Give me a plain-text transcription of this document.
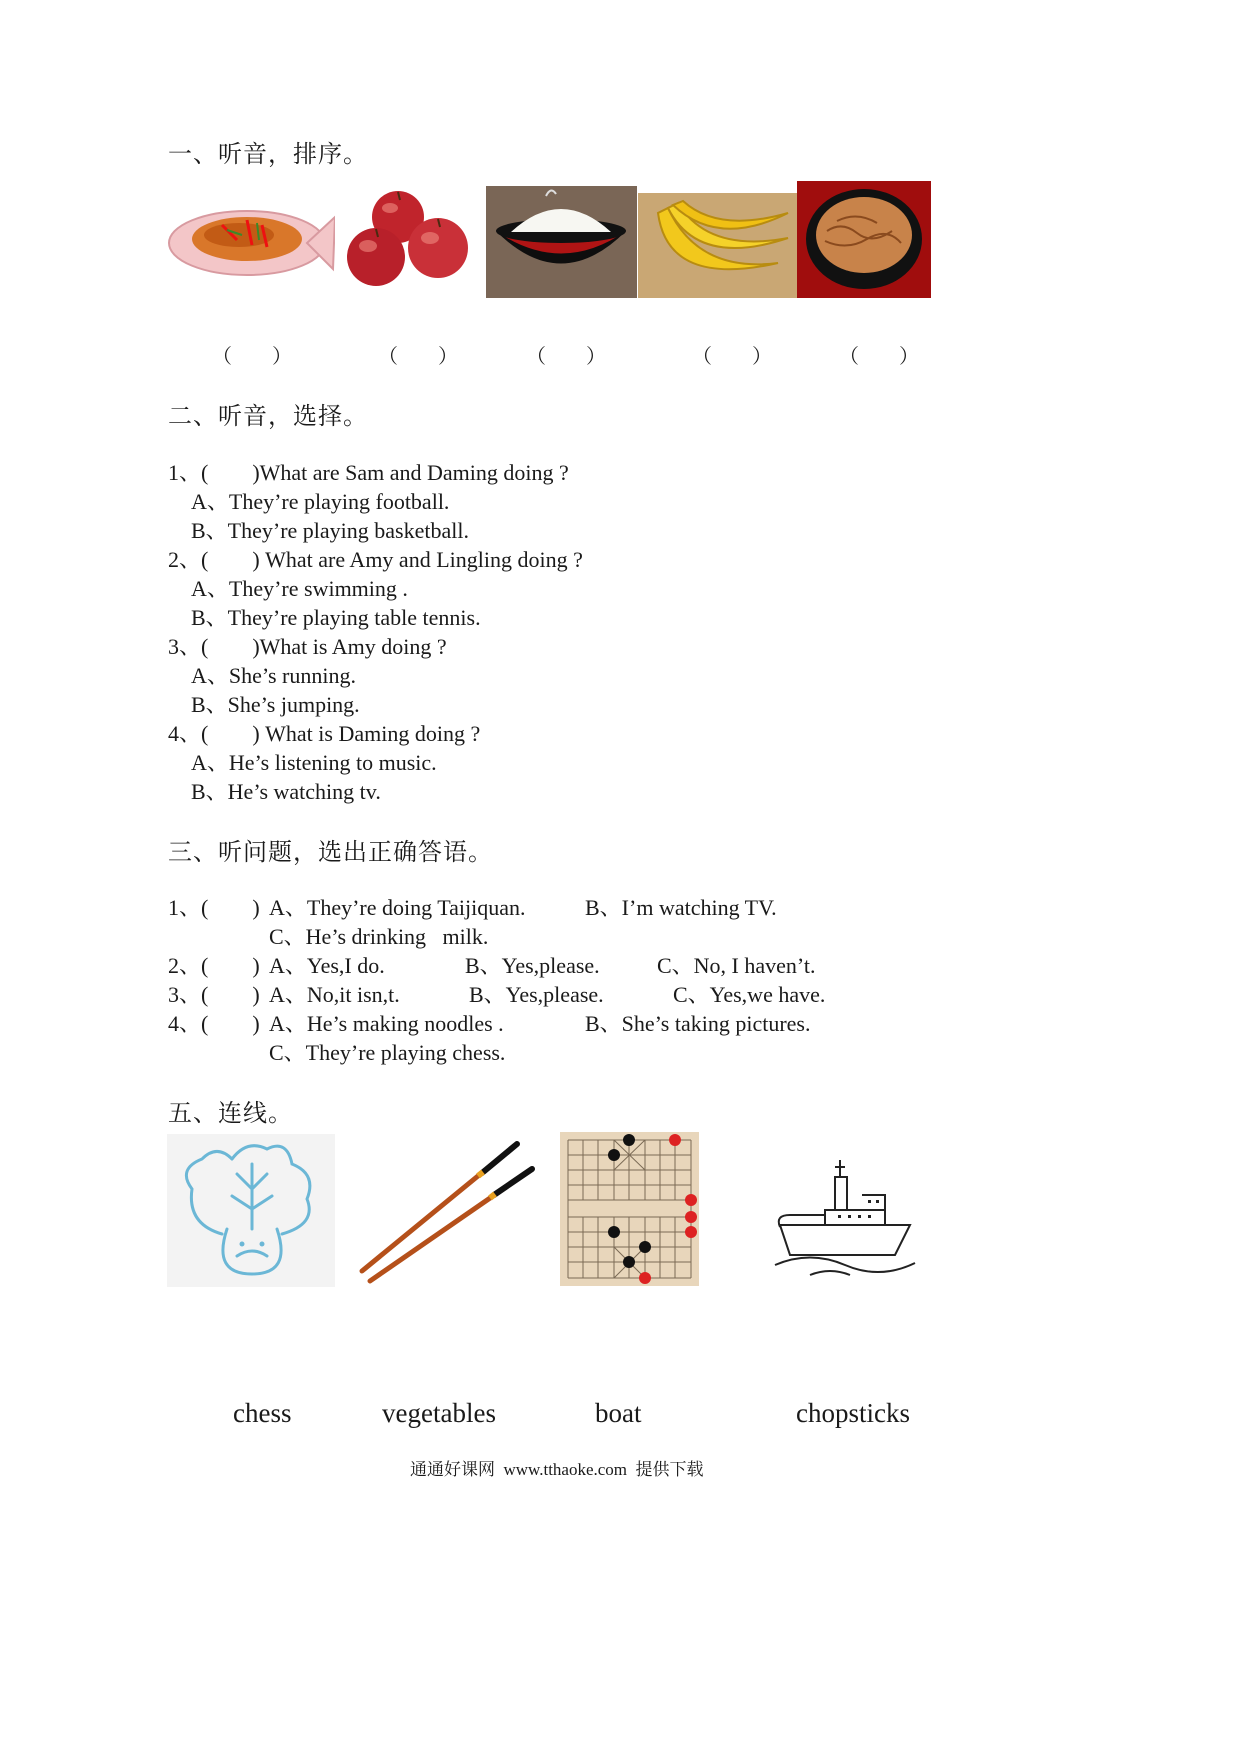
一、听音，排序。
（　　）	（　　）	（　　）	（　　）	（　　）
二、听音，选择。
1、(　　)What are Sam and Daming doing ?
A、They’re playing football.
B、They’re playing basketball.
2、(　　) What are Amy and Lingling doing ?
A、They’re swimming .
B、They’re playing table tennis.
3、(　　)What is Amy doing ?
A、She’s running.
B、She’s jumping.
4、(　　) What is Daming doing ?
A、He’s listening to music.
B、He’s watching tv.
三、听问题，选出正确答语。
1、(　　) A、They’re doing Taijiquan.	B、I’m watching TV.
C、He’s drinking   milk.
2、(　　) A、Yes,I do.	B、Yes,please.	C、No, I haven’t.
3、(　　) A、No,it isn,t.	B、Yes,please.	C、Yes,we have.
4、(　　) A、He’s making noodles .	B、She’s taking pictures.
C、They’re playing chess.
五、连线。
chess	vegetables	boat	chopsticks
通通好课网  www.tthaoke.com  提供下载
